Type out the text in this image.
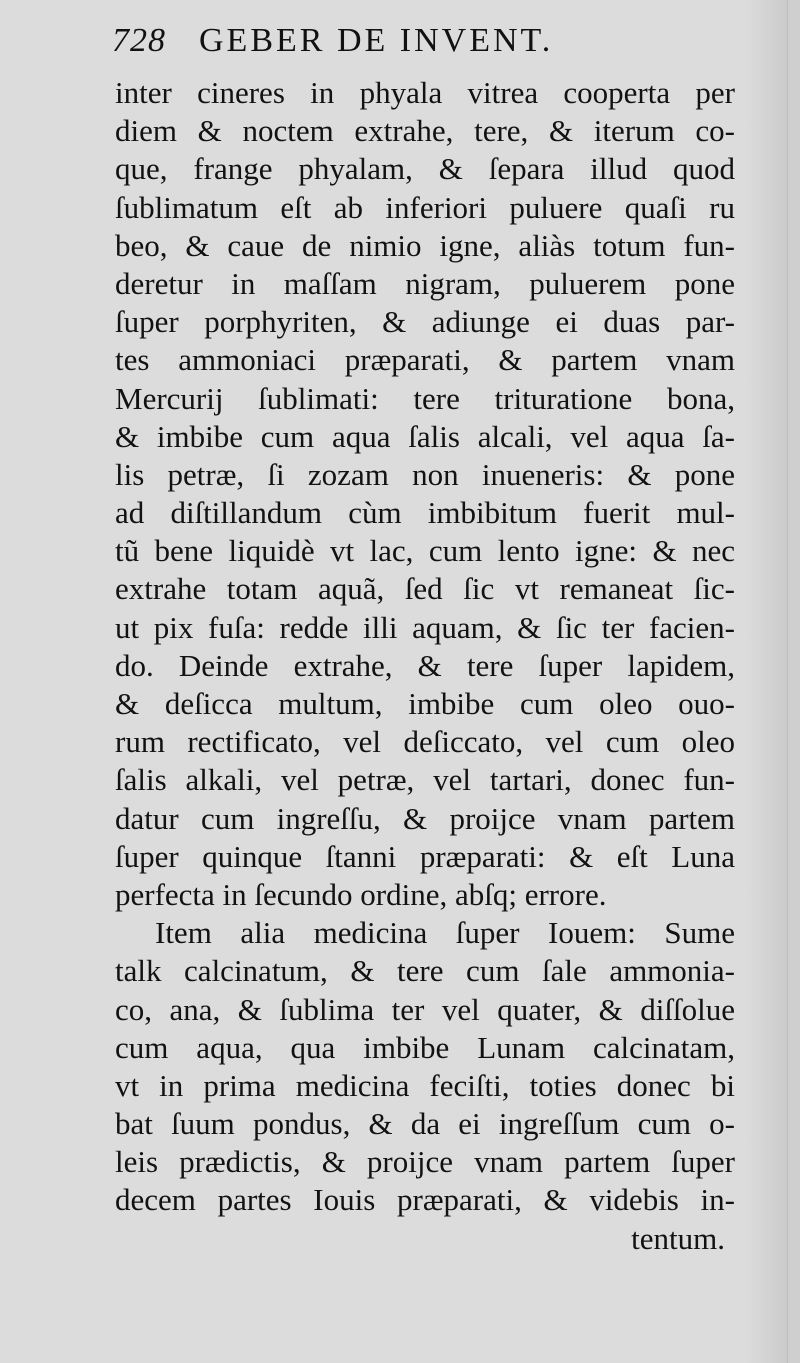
728 GEBER DE INVENT.
inter cineres in phyala vitrea cooperta per
diem & noctem extrahe, tere, & iterum co-
que, frange phyalam, & ſepara illud quod
ſublimatum eſt ab inferiori puluere quaſi ru
beo, & caue de nimio igne, aliàs totum fun-
deretur in maſſam nigram, puluerem pone
ſuper porphyriten, & adiunge ei duas par-
tes ammoniaci præparati, & partem vnam
Mercurij ſublimati: tere trituratione bona,
& imbibe cum aqua ſalis alcali, vel aqua ſa-
lis petræ, ſi zozam non inueneris: & pone
ad diſtillandum cùm imbibitum fuerit mul-
tũ bene liquidè vt lac, cum lento igne: & nec
extrahe totam aquã, ſed ſic vt remaneat ſic-
ut pix fuſa: redde illi aquam, & ſic ter facien-
do. Deinde extrahe, & tere ſuper lapidem,
& deſicca multum, imbibe cum oleo ouo-
rum rectificato, vel deſiccato, vel cum oleo
ſalis alkali, vel petræ, vel tartari, donec fun-
datur cum ingreſſu, & proijce vnam partem
ſuper quinque ſtanni præparati: & eſt Luna
perfecta in ſecundo ordine, abſq; errore.
Item alia medicina ſuper Iouem: Sume
talk calcinatum, & tere cum ſale ammonia-
co, ana, & ſublima ter vel quater, & diſſolue
cum aqua, qua imbibe Lunam calcinatam,
vt in prima medicina feciſti, toties donec bi
bat ſuum pondus, & da ei ingreſſum cum o-
leis prædictis, & proijce vnam partem ſuper
decem partes Iouis præparati, & videbis in-
tentum.
